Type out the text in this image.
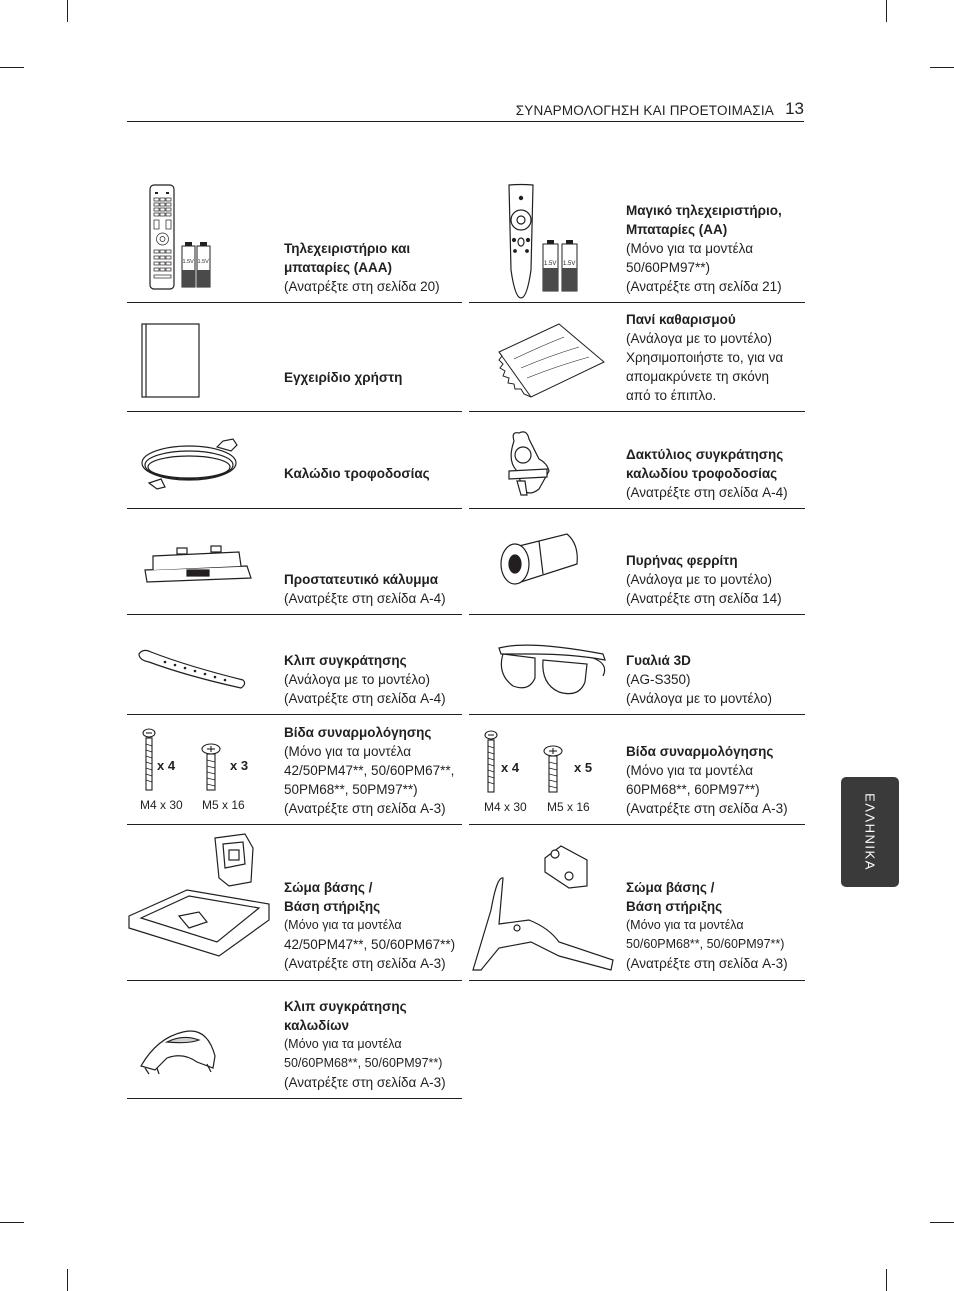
ΣΥΝΑΡΜΟΛΟΓΗΣΗ ΚΑΙ ΠΡΟΕΤΟΙΜΑΣΙΑ 13
ΕΛΛΗΝΙΚΑ
1.5V 1.5V
Τηλεχειριστήριο και μπαταρίες (AAA)
(Ανατρέξτε στη σελίδα 20)
1.5V 1.5V
Μαγικό τηλεχειριστήριο, Μπαταρίες (AA)
(Μόνο για τα μοντέλα
50/60PM97**)
(Ανατρέξτε στη σελίδα 21)
Εγχειρίδιο χρήστη
Πανί καθαρισμού
(Ανάλογα με το μοντέλο)
Χρησιμοποιήστε το, για να
απομακρύνετε τη σκόνη
από το έπιπλο.
Καλώδιο τροφοδοσίας
Δακτύλιος συγκράτησης καλωδίου τροφοδοσίας
(Ανατρέξτε στη σελίδα A-4)
Προστατευτικό κάλυμμα
(Ανατρέξτε στη σελίδα A-4)
Πυρήνας φερρίτη
(Ανάλογα με το μοντέλο)
(Ανατρέξτε στη σελίδα 14)
Κλιπ συγκράτησης
(Ανάλογα με το μοντέλο)
(Ανατρέξτε στη σελίδα A-4)
Γυαλιά 3D
(AG-S350)
(Ανάλογα με το μοντέλο)
x 4	x 3
M4 x 30 M5 x 16
Βίδα συναρμολόγησης
(Μόνο για τα μοντέλα
42/50PM47**, 50/60PM67**,
50PM68**, 50PM97**)
(Ανατρέξτε στη σελίδα A-3)
x 4	x 5
M4 x 30 M5 x 16
Βίδα συναρμολόγησης
(Μόνο για τα μοντέλα
60PM68**, 60PM97**)
(Ανατρέξτε στη σελίδα A-3)
Σώμα βάσης /
Βάση στήριξης
(Μόνο για τα μοντέλα
42/50PM47**, 50/60PM67**)
(Ανατρέξτε στη σελίδα A-3)
Σώμα βάσης /
Βάση στήριξης
(Μόνο για τα μοντέλα
50/60PM68**, 50/60PM97**)
(Ανατρέξτε στη σελίδα A-3)
Κλιπ συγκράτησης καλωδίων
(Μόνο για τα μοντέλα
50/60PM68**, 50/60PM97**)
(Ανατρέξτε στη σελίδα A-3)
